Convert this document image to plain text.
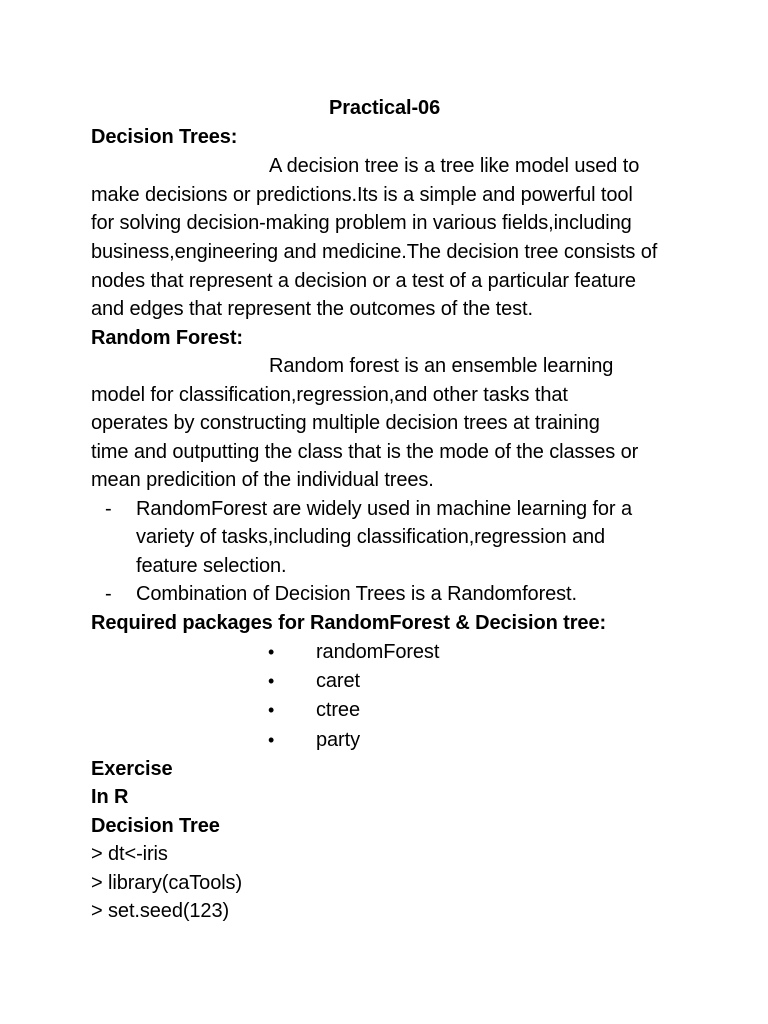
Practical-06
Decision Trees:
A decision tree is a tree like model used to
make decisions or predictions.Its is a simple and powerful tool
for solving decision-making problem in various fields,including
business,engineering and medicine.The decision tree consists of
nodes that represent a decision or a test of a particular feature
and edges that represent the outcomes of the test.
Random Forest:
Random forest is an ensemble learning
model for classification,regression,and other tasks that
operates by constructing multiple decision trees at training
time and outputting the class that is the mode of the classes or
mean predicition of the individual trees.
- RandomForest are widely used in machine learning for a
variety of tasks,including classification,regression and
feature selection.
- Combination of Decision Trees is a Randomforest.
Required packages for RandomForest & Decision tree:
• randomForest
• caret
• ctree
• party
Exercise
In R
Decision Tree
> dt<-iris
> library(caTools)
> set.seed(123)
